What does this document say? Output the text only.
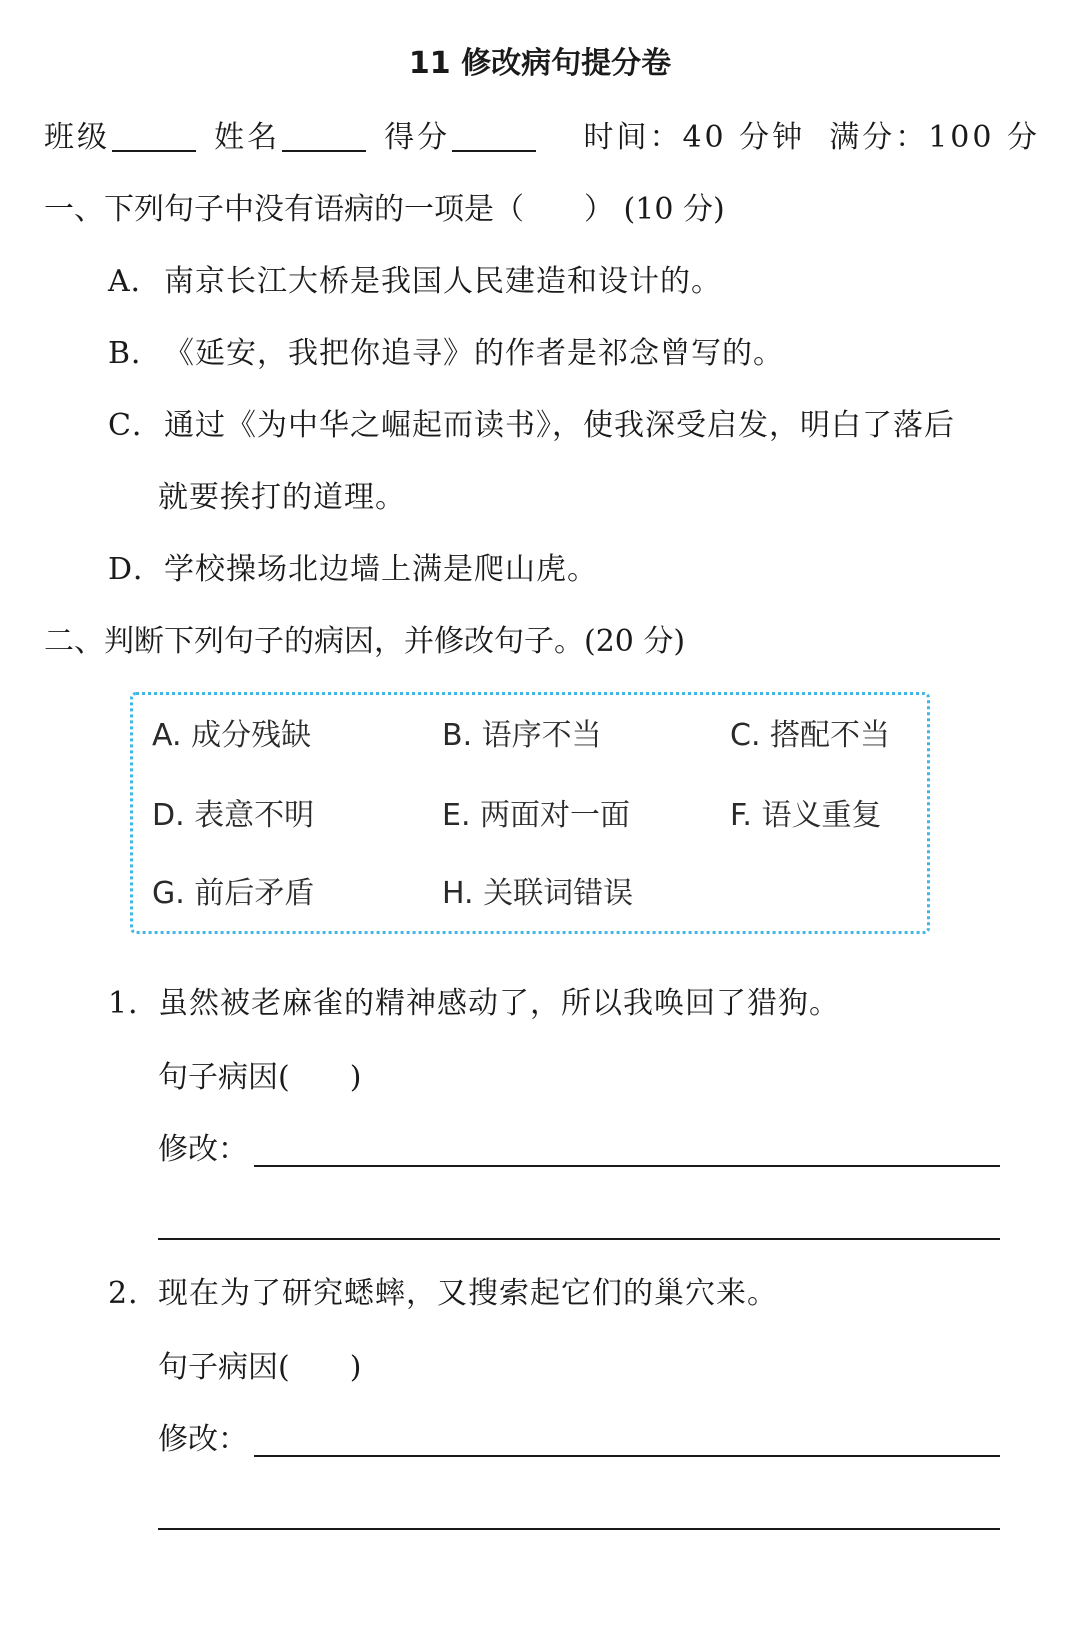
11 修改病句提分卷
班级	姓名	得分	时间：40 分钟 满分：100 分
一、下列句子中没有语病的一项是（　　） (10 分)
A．南京长江大桥是我国人民建造和设计的。
B．《延安，我把你追寻》的作者是祁念曾写的。
C．通过《为中华之崛起而读书》，使我深受启发，明白了落后
就要挨打的道理。
D．学校操场北边墙上满是爬山虎。
二、判断下列句子的病因，并修改句子。(20 分)
A. 成分残缺	B. 语序不当	C. 搭配不当
D. 表意不明	E. 两面对一面	F. 语义重复
G. 前后矛盾	H. 关联词错误
1．虽然被老麻雀的精神感动了，所以我唤回了猎狗。
句子病因( )
修改：
2．现在为了研究蟋蟀，又搜索起它们的巢穴来。
句子病因( )
修改：
